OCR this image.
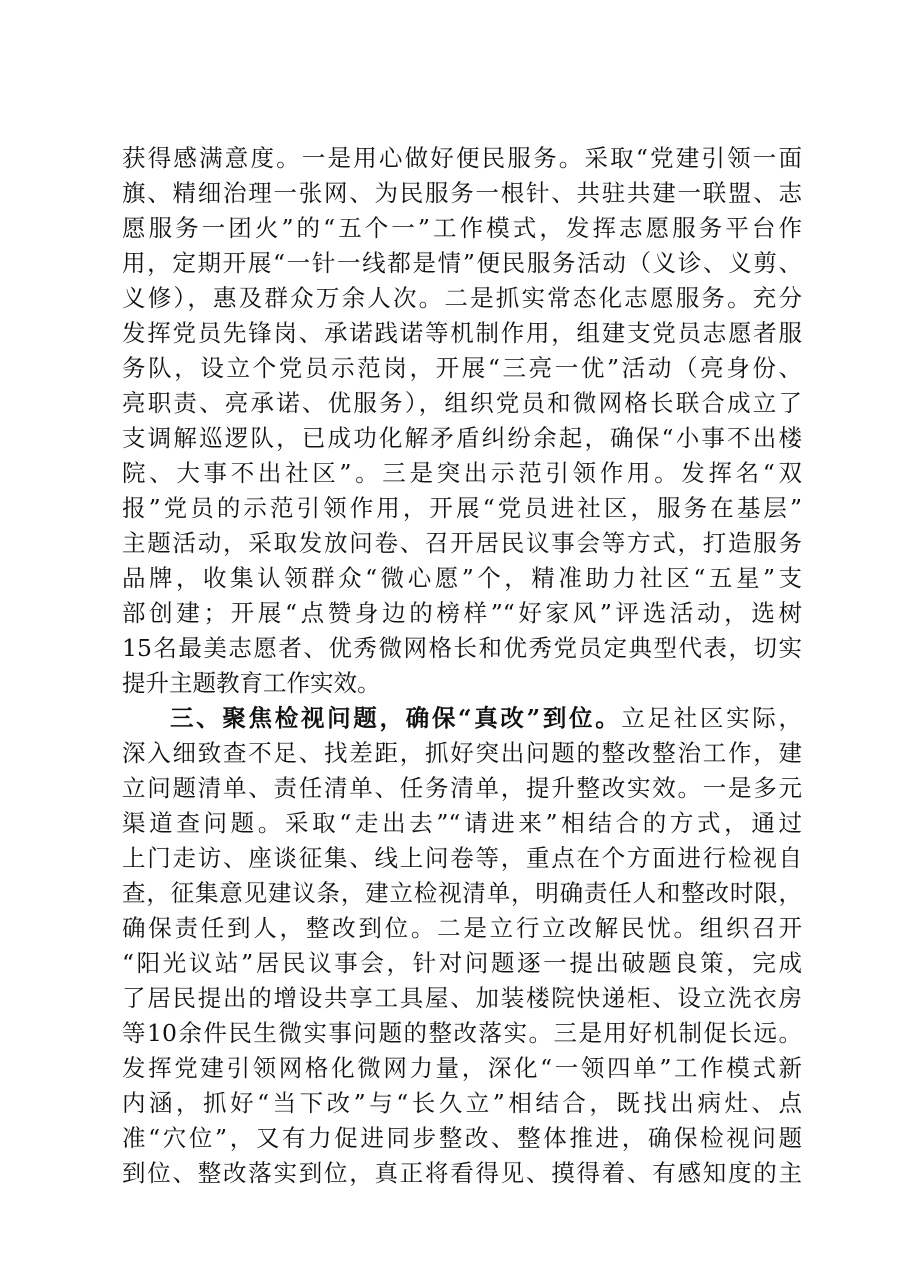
获得感满意度。一是用心做好便民服务。采取“党建引领一面
旗、精细治理一张网、为民服务一根针、共驻共建一联盟、志
愿服务一团火”的“五个一”工作模式，发挥志愿服务平台作
用，定期开展“一针一线都是情”便民服务活动（义诊、义剪、
义修），惠及群众万余人次。二是抓实常态化志愿服务。充分
发挥党员先锋岗、承诺践诺等机制作用，组建支党员志愿者服
务队，设立个党员示范岗，开展“三亮一优”活动（亮身份、
亮职责、亮承诺、优服务），组织党员和微网格长联合成立了
支调解巡逻队，已成功化解矛盾纠纷余起，确保“小事不出楼
院、大事不出社区”。三是突出示范引领作用。发挥名“双
报”党员的示范引领作用，开展“党员进社区，服务在基层”
主题活动，采取发放问卷、召开居民议事会等方式，打造服务
品牌，收集认领群众“微心愿”个，精准助力社区“五星”支
部创建；开展“点赞身边的榜样”“好家风”评选活动，选树
15名最美志愿者、优秀微网格长和优秀党员定典型代表，切实
提升主题教育工作实效。
三、聚焦检视问题，确保“真改”到位。立足社区实际，
深入细致查不足、找差距，抓好突出问题的整改整治工作，建
立问题清单、责任清单、任务清单，提升整改实效。一是多元
渠道查问题。采取“走出去”“请进来”相结合的方式，通过
上门走访、座谈征集、线上问卷等，重点在个方面进行检视自
查，征集意见建议条，建立检视清单，明确责任人和整改时限，
确保责任到人，整改到位。二是立行立改解民忧。组织召开
“阳光议站”居民议事会，针对问题逐一提出破题良策，完成
了居民提出的增设共享工具屋、加装楼院快递柜、设立洗衣房
等10余件民生微实事问题的整改落实。三是用好机制促长远。
发挥党建引领网格化微网力量，深化“一领四单”工作模式新
内涵，抓好“当下改”与“长久立”相结合，既找出病灶、点
准“穴位”，又有力促进同步整改、整体推进，确保检视问题
到位、整改落实到位，真正将看得见、摸得着、有感知度的主
